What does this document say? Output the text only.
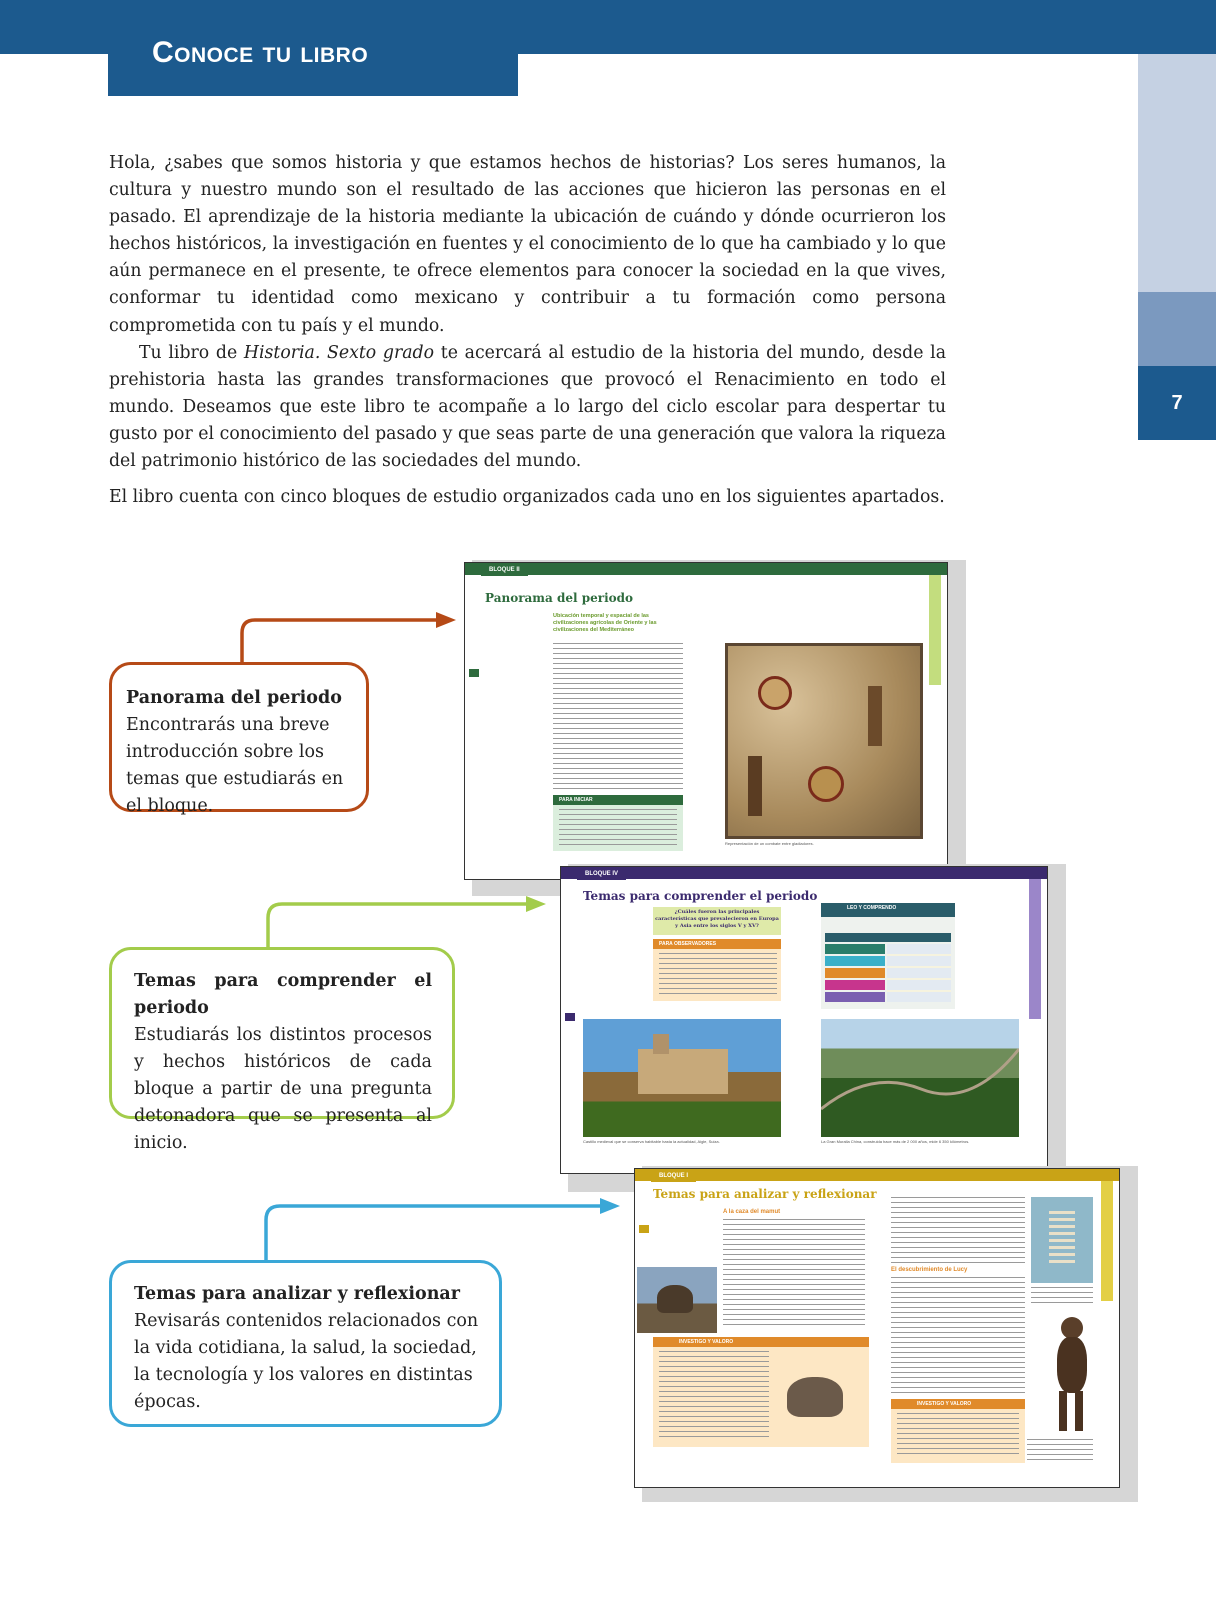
Conoce tu libro
7

Hola, ¿sabes que somos historia y que estamos hechos de historias? Los seres humanos, la cultura y nuestro mundo son el resultado de las acciones que hicieron las personas en el pasado. El aprendizaje de la historia mediante la ubicación de cuándo y dónde ocurrieron los hechos históricos, la investigación en fuentes y el conocimiento de lo que ha cambiado y lo que aún permanece en el presente, te ofrece elementos para conocer la sociedad en la que vives, conformar tu identidad como mexicano y contribuir a tu formación como persona comprometida con tu país y el mundo.

Tu libro de Historia. Sexto grado te acercará al estudio de la historia del mundo, desde la prehistoria hasta las grandes transformaciones que provocó el Renacimiento en todo el mundo. Deseamos que este libro te acompañe a lo largo del ciclo escolar para despertar tu gusto por el conocimiento del pasado y que seas parte de una generación que valora la riqueza del patrimonio histórico de las sociedades del mundo.

El libro cuenta con cinco bloques de estudio organizados cada uno en los siguientes apartados.

Panorama del periodo
Encontrarás una breve introducción sobre los temas que estudiarás en el bloque.
Temas para comprender el periodo
Estudiarás los distintos procesos y hechos históricos de cada bloque a partir de una pregunta detonadora que se presenta al inicio.
Temas para analizar y reflexionar
Revisarás contenidos relacionados con la vida cotidiana, la salud, la sociedad, la tecnología y los valores en distintas épocas.
BLOQUE II
Panorama del periodo
Ubicación temporal y espacial de las civilizaciones agrícolas de Oriente y las civilizaciones del Mediterráneo
PARA INICIAR
Representación de un combate entre gladiadores.
BLOQUE IV
Temas para comprender el periodo
¿Cuáles fueron las principales características que prevalecieron en Europa y Asia entre los siglos V y XV?
PARA OBSERVADORES
LEO Y COMPRENDO
Castillo medieval que se conserva habitable hasta la actualidad, Aigle, Suiza.	La Gran Muralla China, construida hace más de 2 000 años, mide 6 350 kilómetros.
BLOQUE I
Temas para analizar y reflexionar
A la caza del mamut
INVESTIGO Y VALORO
El descubrimiento de Lucy
INVESTIGO Y VALORO
